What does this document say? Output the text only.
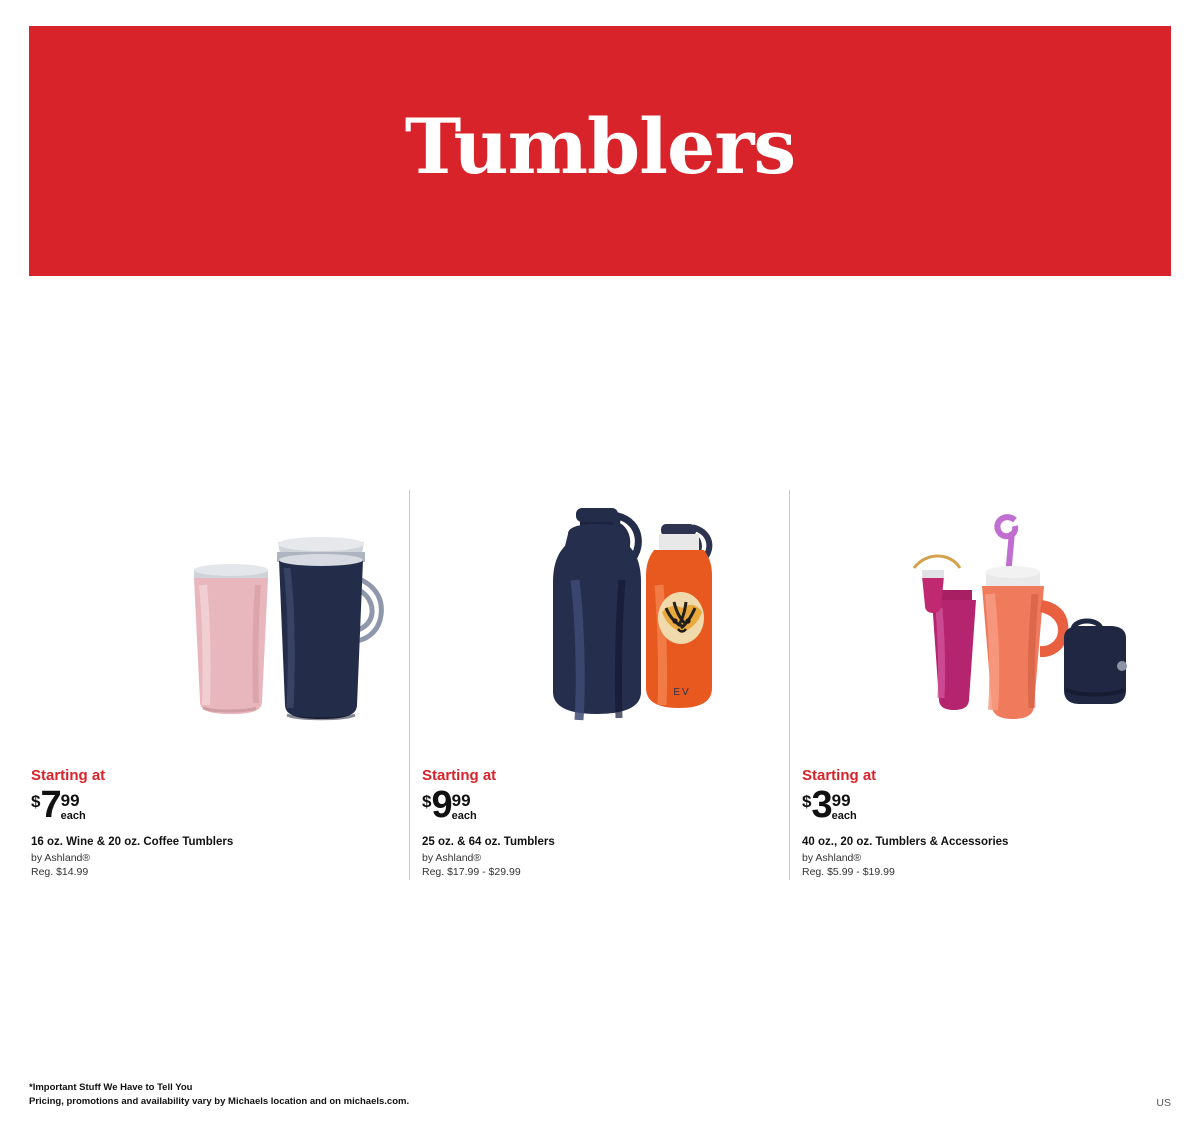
Tumblers
Starting at
$ 7 99
each
16 oz. Wine & 20 oz. Coffee Tumblers
by Ashland®
Reg. $14.99
EV
Starting at
$ 9 99
each
25 oz. & 64 oz. Tumblers
by Ashland®
Reg. $17.99 - $29.99
Starting at
$ 3 99
each
40 oz., 20 oz. Tumblers & Accessories
by Ashland®
Reg. $5.99 - $19.99
*Important Stuff We Have to Tell You
Pricing, promotions and availability vary by Michaels location and on michaels.com.	US
